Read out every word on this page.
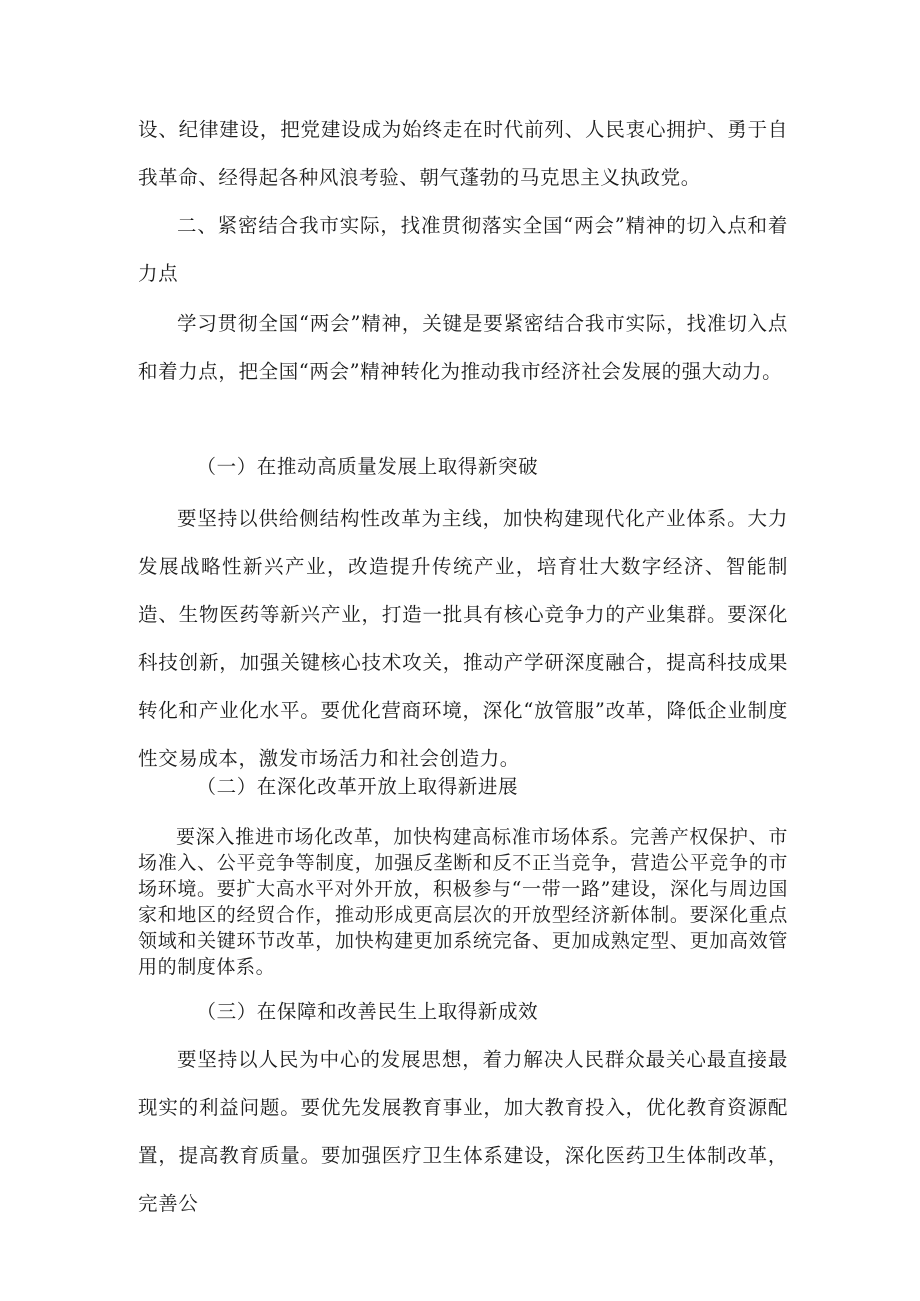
设、纪律建设，把党建设成为始终走在时代前列、人民衷心拥护、勇于自我革命、经得起各种风浪考验、朝气蓬勃的马克思主义执政党。

二、紧密结合我市实际，找准贯彻落实全国“两会”精神的切入点和着力点

学习贯彻全国“两会”精神，关键是要紧密结合我市实际，找准切入点和着力点，把全国“两会”精神转化为推动我市经济社会发展的强大动力。

（一）在推动高质量发展上取得新突破

要坚持以供给侧结构性改革为主线，加快构建现代化产业体系。大力发展战略性新兴产业，改造提升传统产业，培育壮大数字经济、智能制造、生物医药等新兴产业，打造一批具有核心竞争力的产业集群。要深化科技创新，加强关键核心技术攻关，推动产学研深度融合，提高科技成果转化和产业化水平。要优化营商环境，深化“放管服”改革，降低企业制度性交易成本，激发市场活力和社会创造力。

（二）在深化改革开放上取得新进展

要深入推进市场化改革，加快构建高标准市场体系。完善产权保护、市场准入、公平竞争等制度，加强反垄断和反不正当竞争，营造公平竞争的市场环境。要扩大高水平对外开放，积极参与“一带一路”建设，深化与周边国家和地区的经贸合作，推动形成更高层次的开放型经济新体制。要深化重点领域和关键环节改革，加快构建更加系统完备、更加成熟定型、更加高效管用的制度体系。

（三）在保障和改善民生上取得新成效

要坚持以人民为中心的发展思想，着力解决人民群众最关心最直接最现实的利益问题。要优先发展教育事业，加大教育投入，优化教育资源配置，提高教育质量。要加强医疗卫生体系建设，深化医药卫生体制改革，完善公
